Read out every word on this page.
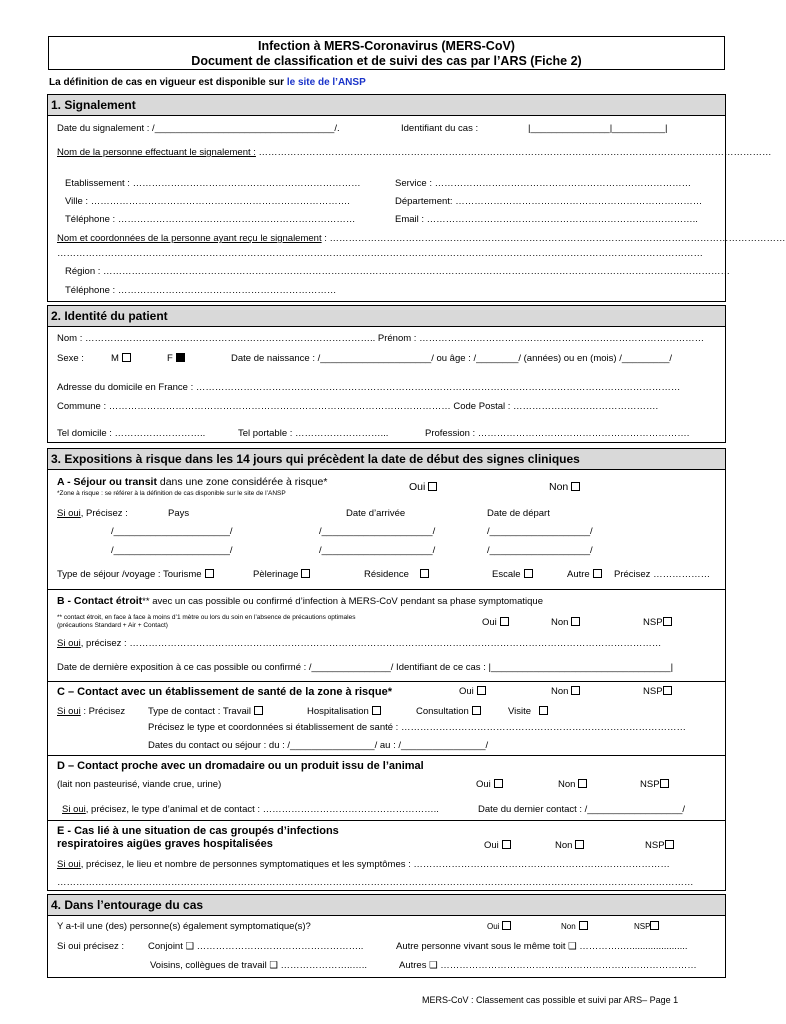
Infection à MERS-Coronavirus (MERS-CoV)
Document de classification et de suivi des cas par l’ARS (Fiche 2)
La définition de cas en vigueur est disponible sur le site de l’ANSP
1. Signalement
Date du signalement : /__________________________________/.	Identifiant du cas :	|_______________|__________|
Nom de la personne effectuant le signalement : ………………………………………………………………………………………………………………………………………………
Etablissement : ………………………………………………………………	Service : ………………………………………………………………………
Ville : ……………………………………………………………………….	Département: ……………………………………………………………………
Téléphone : …………………………………………………………………	Email : …………………………………………………………………………..
Nom et coordonnées de la personne ayant reçu le signalement : ………………………………………………………………………………………………………………………………
……………………………………………………………………………………………………………………………………………………………………………………
Région : ………………………………………………………………………………………………………………………………………………………………………………
Téléphone : ……………………………………………………………
2. Identité du patient
Nom : ……………………………………………………………………………….. Prénom : ………………………………………………………………………………
Sexe :	M	F	Date de naissance : /_____________________/ ou âge : /________/ (années) ou en (mois) /_________/
Adresse du domicile en France : ………………………………………………………………………………………………………………………………………
Commune : ……………………………………………………………………………………………… Code Postal : ……………………………………….
Tel domicile : ………………………..	Tel portable : ………………………...	Profession : ………………………………………………………….
3. Expositions à risque dans les 14 jours qui précèdent la date de début des signes cliniques
A - Séjour ou transit dans une zone considérée à risque*
*Zone à risque : se référer à la définition de cas disponible sur le site de l’ANSP
Oui	Non
Si oui, Précisez :	Pays	Date d’arrivée	Date de départ
/______________________/	/_____________________/	/___________________/
/______________________/	/_____________________/	/___________________/
Type de séjour /voyage : Tourisme	Pèlerinage	Résidence	Escale	Autre	Précisez ………………
B - Contact étroit** avec un cas possible ou confirmé d’infection à MERS-CoV pendant sa phase symptomatique
** contact étroit, en face à face à moins d’1 mètre ou lors du soin en l’absence de précautions optimales
(précautions Standard + Air + Contact)	Oui	Non	NSP
Si oui, précisez : ……………………………………………………………………………………………………………………………………………………
Date de dernière exposition à ce cas possible ou confirmé : /_______________/ Identifiant de ce cas : |__________________________________|
C – Contact avec un établissement de santé de la zone à risque*	Oui	Non	NSP
Si oui : Précisez Type de contact : Travail	Hospitalisation	Consultation	Visite
Précisez le type et coordonnées si établissement de santé : ………………………………………………………………………………
Dates du contact ou séjour : du : /________________/ au : /________________/
D – Contact proche avec un dromadaire ou un produit issu de l’animal
(lait non pasteurisé, viande crue, urine)	Oui	Non	NSP
Si oui, précisez, le type d’animal et de contact : ………………………………………………..	Date du dernier contact : /__________________/
E - Cas lié à une situation de cas groupés d’infections
respiratoires aigües graves hospitalisées	Oui	Non	NSP
Si oui, précisez, le lieu et nombre de personnes symptomatiques et les symptômes : ………………………………………………………………………
…………………………………………………………………………………………………………………………………………………………………………………
4. Dans l’entourage du cas
Y a-t-il une (des) personne(s) également symptomatique(s)?	Oui	Non	NSP
Si oui précisez :	Conjoint ❑ ……………………………………………..	Autre personne vivant sous le même toit ❑ ………….…......................
Voisins, collègues de travail ❑ …………………..…..	Autres ❑ ………………………………………………………………………
MERS-CoV : Classement cas possible et suivi par ARS– Page 1
